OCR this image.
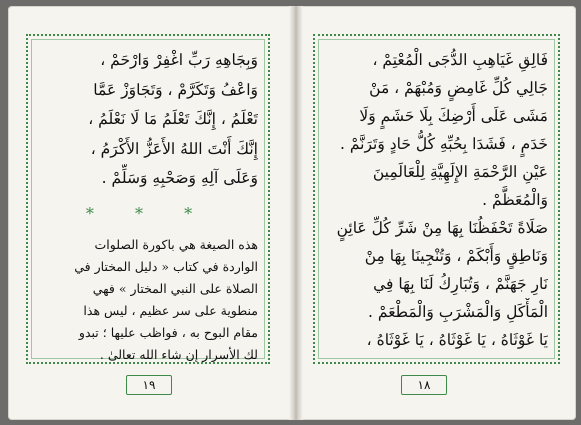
وَبِجَاهِهِ رَبِّ اغْفِرْ وَارْحَمْ ،
وَاعْفُ وَتَكَرَّمْ ، وَتَجَاوَزْ عَمَّا
تَعْلَمُ ، إِنَّكَ تَعْلَمُ مَا لَا نَعْلَمُ ،
إِنَّكَ أَنْتَ اللهُ الأَعَزُّ الأَكْرَمُ ،
وَعَلَى آلِهِ وَصَحْبِهِ وَسَلِّمْ .
* * *
هذه الصيغة هي باكورة الصلوات
الواردة في كتاب « دليل المختار في
الصلاة على النبي المختار » فهي
منطوية على سر عظيم ، ليس هذا
مقام البوح به ، فواظب عليها ؛ تبدو
لك الأسرار إن شاء الله تعالىٰ .
١٩
فَالِقِ غَيَاهِبِ الدُّجَى الْمُعْتِمْ ،
جَالِي كُلِّ غَامِضٍ وَمُبْهَمْ ، مَنْ
مَشَى عَلَى أَرْضِكَ بِلَا حَشَمٍ وَلَا
خَدَمٍ ، فَشَدَا بِحُبِّهِ كُلُّ حَادٍ وَتَرَنَّمْ .
عَيْنِ الرَّحْمَةِ الإِلَهِيَّةِ لِلْعَالَمِينَ
وَالْمُعَظَّمْ .
صَلَاةً تَحْفَظُنَا بِهَا مِنْ شَرِّ كُلِّ عَائِنٍ
وَنَاطِقٍ وَأَبْكَمْ ، وَتُنْجِينَا بِهَا مِنْ
نَارِ جَهَنَّمْ ، وَتُبَارِكُ لَنَا بِهَا فِي
الْمَأْكَلِ وَالْمَشْرَبِ وَالْمَطْعَمْ .
يَا غَوْثَاهُ ، يَا غَوْثَاهُ ، يَا غَوْثَاهُ ،
١٨
